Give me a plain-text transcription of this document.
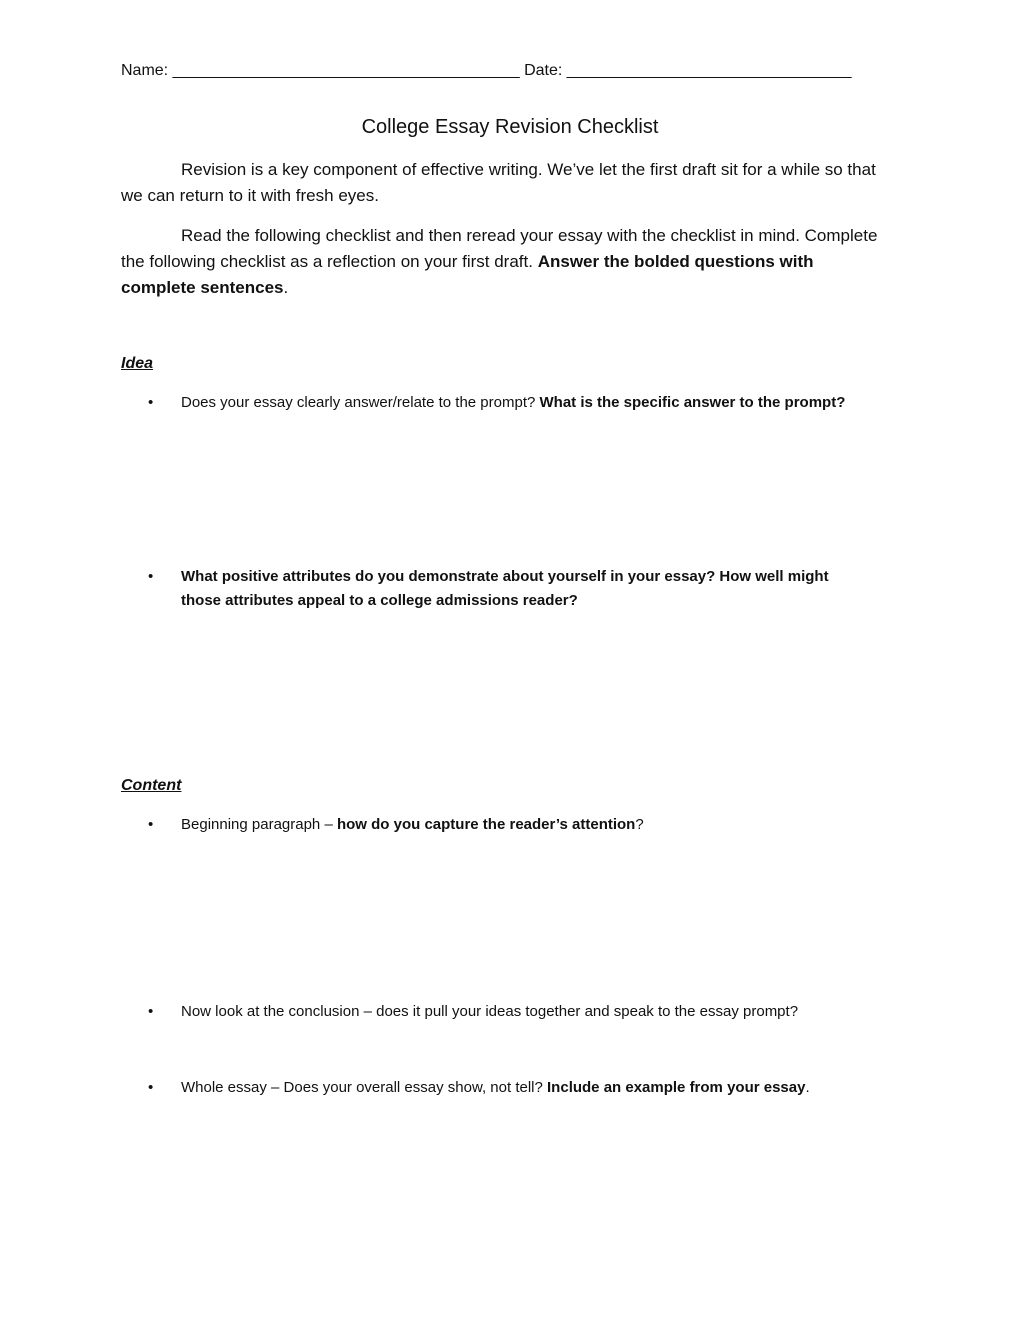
Name: _______________________________________ Date: ________________________________
College Essay Revision Checklist

Revision is a key component of effective writing. We’ve let the first draft sit for a while so that we can return to it with fresh eyes.

Read the following checklist and then reread your essay with the checklist in mind. Complete the following checklist as a reflection on your first draft. Answer the bolded questions with complete sentences.

Idea
• Does your essay clearly answer/relate to the prompt? What is the specific answer to the prompt?
• What positive attributes do you demonstrate about yourself in your essay? How well might those attributes appeal to a college admissions reader?
Content
• Beginning paragraph – how do you capture the reader’s attention?
• Now look at the conclusion – does it pull your ideas together and speak to the essay prompt?
• Whole essay – Does your overall essay show, not tell? Include an example from your essay.
